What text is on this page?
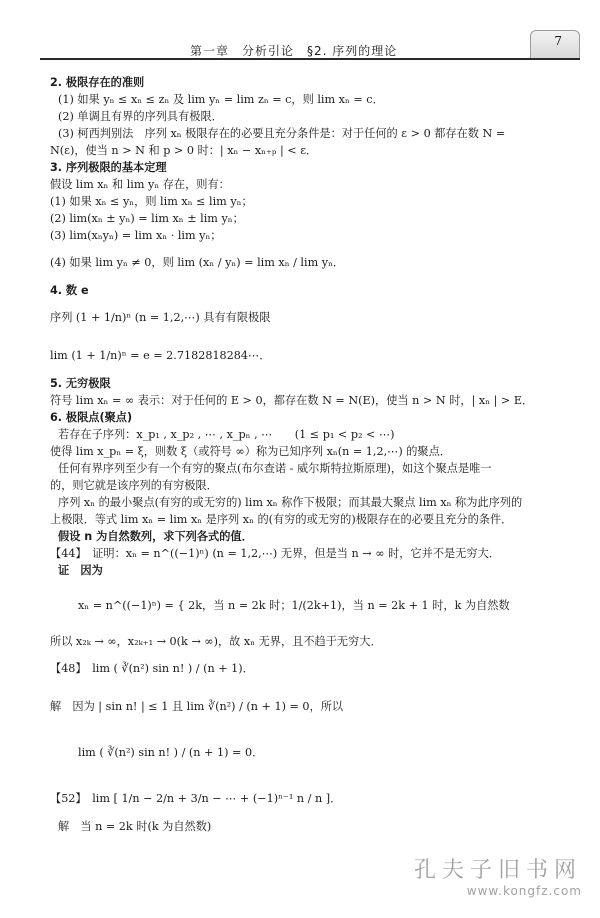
第一章　分析引论　§2. 序列的理论
7
2. 极限存在的准则
(1) 如果 yₙ ≤ xₙ ≤ zₙ 及 lim yₙ = lim zₙ = c，则 lim xₙ = c．
(2) 单调且有界的序列具有极限．
(3) 柯西判别法　序列 xₙ 极限存在的必要且充分条件是：对于任何的 ε > 0 都存在数 N =
N(ε)，使当 n > N 和 p > 0 时：| xₙ − xₙ₊ₚ | < ε．
3. 序列极限的基本定理
假设 lim xₙ 和 lim yₙ 存在，则有：
(1) 如果 xₙ ≤ yₙ，则 lim xₙ ≤ lim yₙ；
(2) lim(xₙ ± yₙ) = lim xₙ ± lim yₙ；
(3) lim(xₙyₙ) = lim xₙ · lim yₙ；
(4) 如果 lim yₙ ≠ 0，则 lim (xₙ / yₙ) = lim xₙ / lim yₙ．
4. 数 e
序列 (1 + 1/n)ⁿ (n = 1,2,⋯) 具有有限极限
lim (1 + 1/n)ⁿ = e = 2.7182818284⋯．
5. 无穷极限
符号 lim xₙ = ∞ 表示：对于任何的 E > 0，都存在数 N = N(E)，使当 n > N 时，| xₙ | > E．
6. 极限点(聚点)
若存在子序列：x_p₁ , x_p₂ , ⋯ , x_pₙ , ⋯　　(1 ≤ p₁ < p₂ < ⋯)
使得 lim x_pₙ = ξ，则数 ξ（或符号 ∞）称为已知序列 xₙ(n = 1,2,⋯) 的聚点．
任何有界序列至少有一个有穷的聚点(布尔查诺 - 威尔斯特拉斯原理)，如这个聚点是唯一
的，则它就是该序列的有穷极限．
序列 xₙ 的最小聚点(有穷的或无穷的) lim xₙ 称作下极限；而其最大聚点 lim xₙ 称为此序列的
上极限．等式 lim xₙ = lim xₙ 是序列 xₙ 的(有穷的或无穷的)极限存在的必要且充分的条件．
假设 n 为自然数列，求下列各式的值．
【44】　证明：xₙ = n^((−1)ⁿ) (n = 1,2,⋯) 无界，但是当 n → ∞ 时，它并不是无穷大．
证　因为
xₙ = n^((−1)ⁿ) = { 2k，当 n = 2k 时；1/(2k+1)，当 n = 2k + 1 时，k 为自然数
所以 x₂ₖ → ∞，x₂ₖ₊₁ → 0(k → ∞)，故 xₙ 无界，且不趋于无穷大．
【48】　lim ( ∛(n²) sin n! ) / (n + 1)．
解　因为 | sin n! | ≤ 1 且 lim ∛(n²) / (n + 1) = 0，所以
lim ( ∛(n²) sin n! ) / (n + 1) = 0．
【52】　lim [ 1/n − 2/n + 3/n − ⋯ + (−1)ⁿ⁻¹ n / n ]．
解　当 n = 2k 时(k 为自然数)
孔夫子旧书网
www.kongfz.com
